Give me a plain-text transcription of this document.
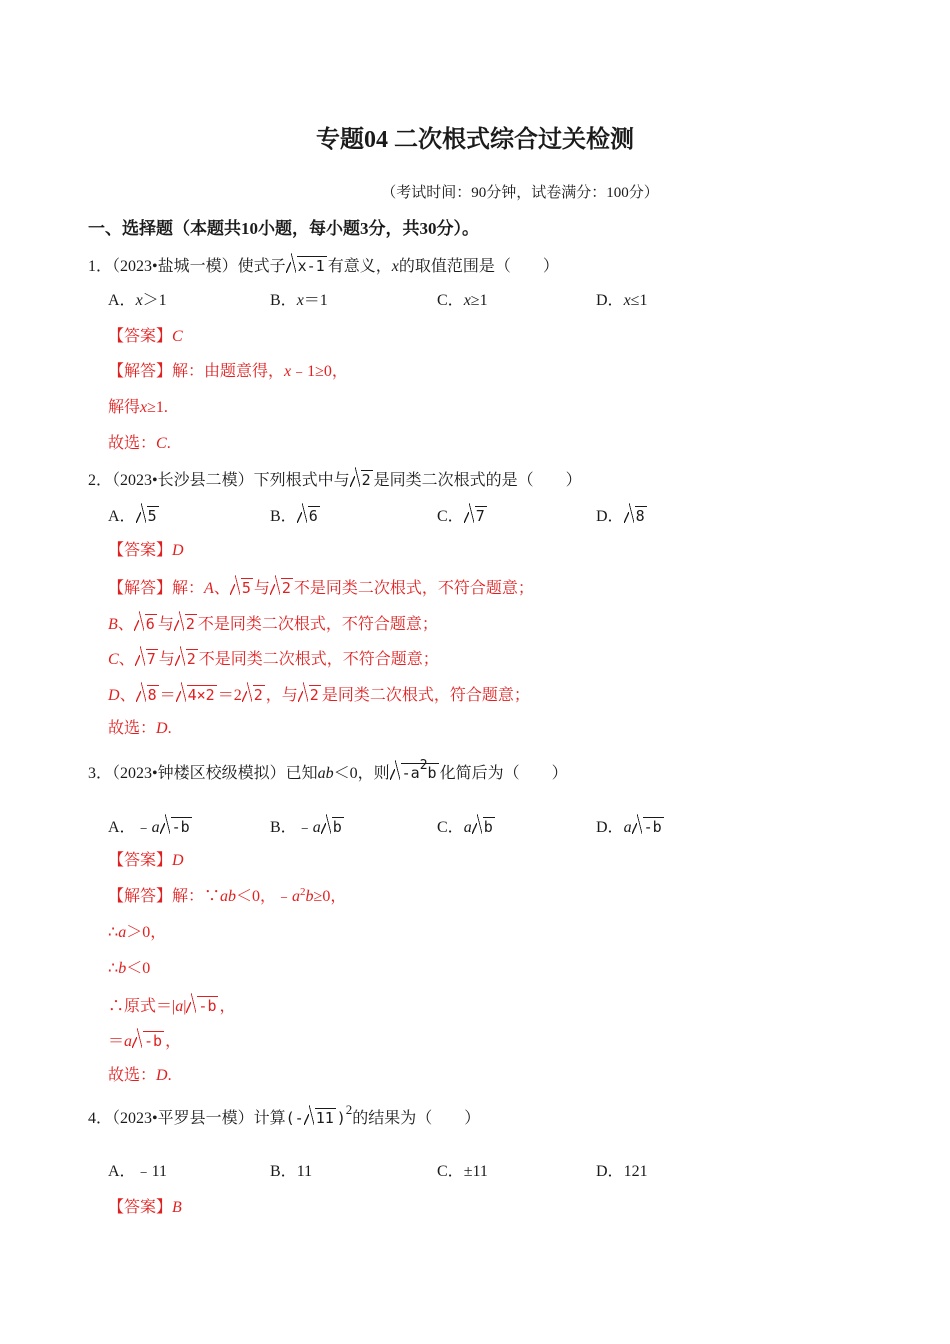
专题04 二次根式综合过关检测
（考试时间：90分钟，试卷满分：100分）
一、选择题（本题共10小题，每小题3分，共30分）。
1．（2023•盐城一模）使式子 x-1 有意义，x的取值范围是（　　）
A．x＞1	B．x＝1	C．x≥1	D．x≤1
【答案】C
【解答】解：由题意得，x﹣1≥0，
解得x≥1.
故选：C.
2．（2023•长沙县二模）下列根式中与 2 是同类二次根式的是（　　）
A． 5	B． 6	C． 7	D． 8
【答案】D
【解答】解：A、 5 与 2 不是同类二次根式，不符合题意；
B、 6 与 2 不是同类二次根式，不符合题意；
C、 7 与 2 不是同类二次根式，不符合题意；
D、 8 ＝ 4×2 ＝2 2 ，与 2 是同类二次根式，符合题意；
故选：D.
3．（2023•钟楼区校级模拟）已知ab＜0，则 -a2b 化简后为（　　）
A．﹣a -b	B．﹣a b	C．a b	D．a -b
【答案】D
【解答】解：∵ab＜0，$﹣a^2b\ge 0$，
∴a＞0，
∴b＜0
∴原式＝|a| -b ，
＝a -b ，
故选：D.
4．（2023•平罗县一模）计算(- 11 )$^2$的结果为（　　）
A．﹣11	B．11	C．±11	D．121
【答案】B
